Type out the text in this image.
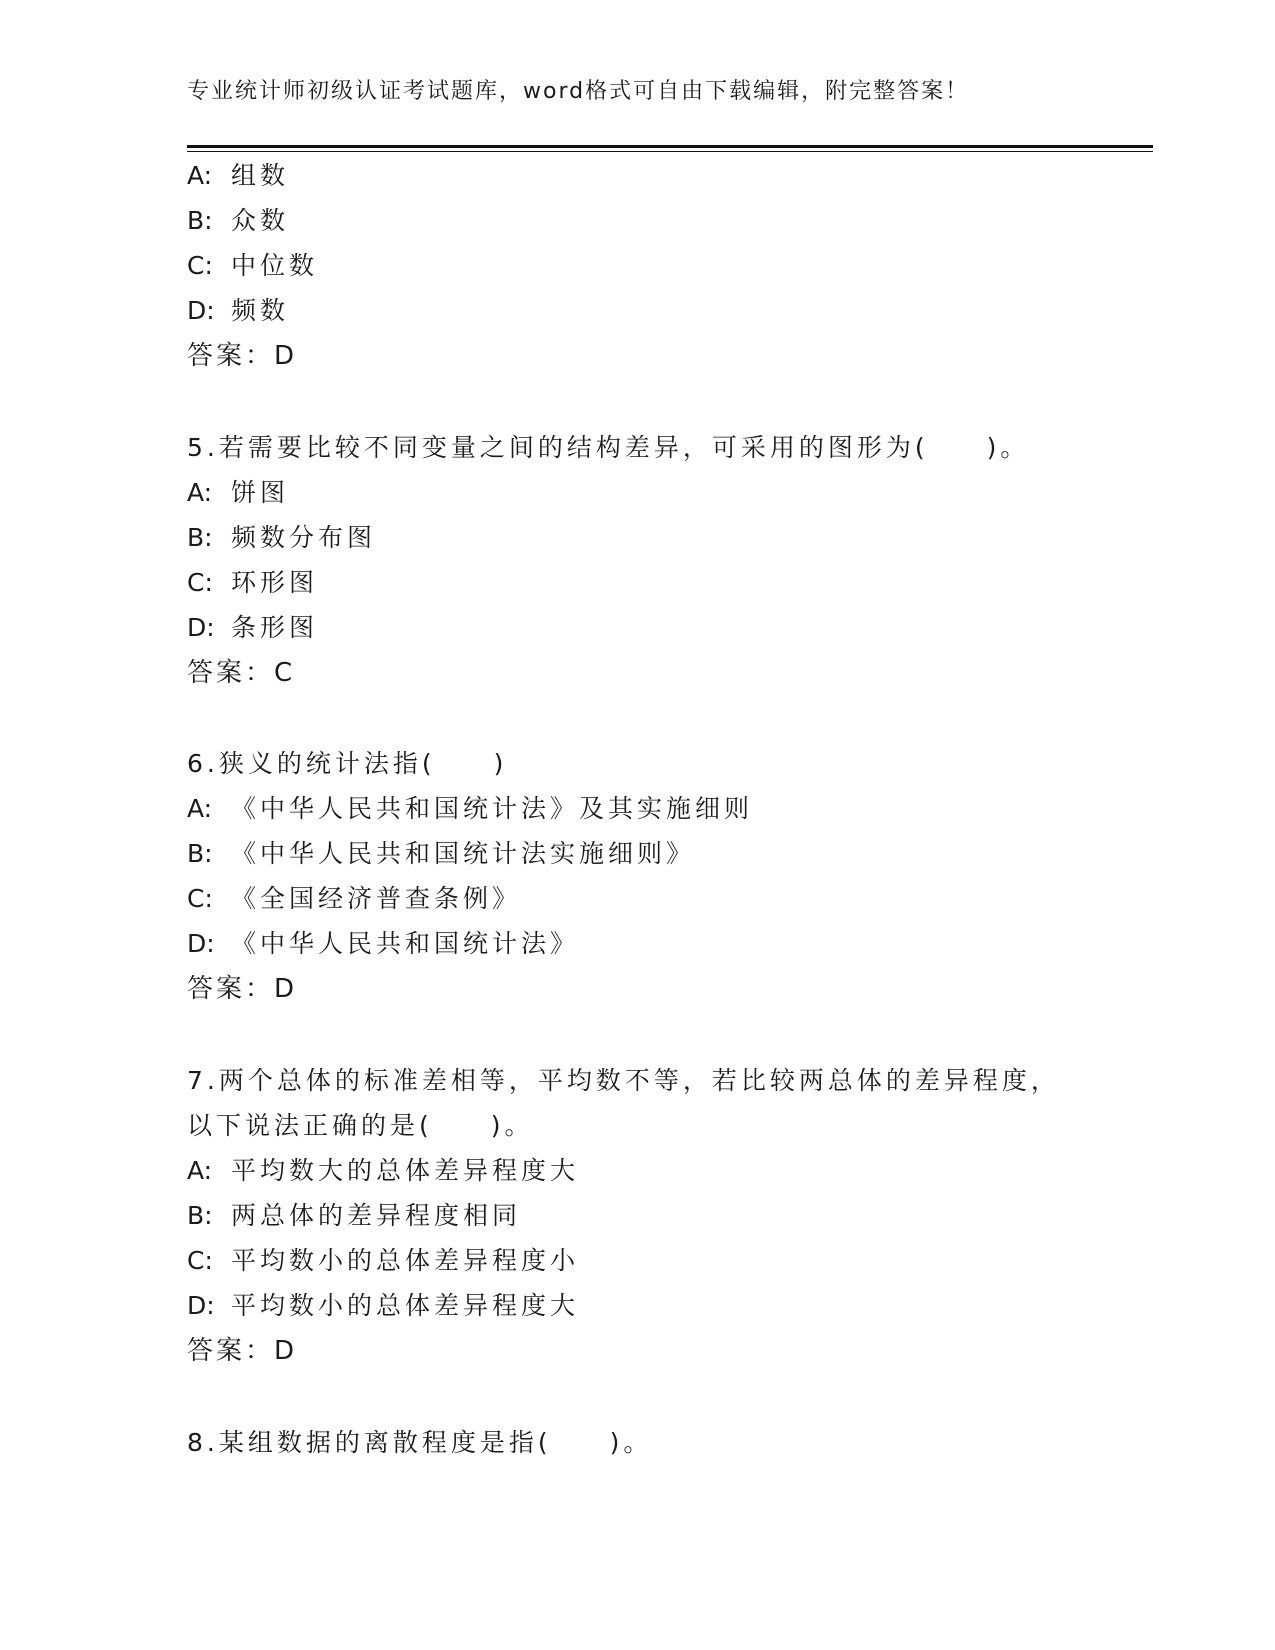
专业统计师初级认证考试题库，word格式可自由下载编辑，附完整答案！
A: 组数
B: 众数
C: 中位数
D: 频数
答案：D
5.若需要比较不同变量之间的结构差异，可采用的图形为(　　)。
A: 饼图
B: 频数分布图
C: 环形图
D: 条形图
答案：C
6.狭义的统计法指(　　)
A: 《中华人民共和国统计法》及其实施细则
B: 《中华人民共和国统计法实施细则》
C: 《全国经济普查条例》
D: 《中华人民共和国统计法》
答案：D
7.两个总体的标准差相等，平均数不等，若比较两总体的差异程度，
以下说法正确的是(　　)。
A: 平均数大的总体差异程度大
B: 两总体的差异程度相同
C: 平均数小的总体差异程度小
D: 平均数小的总体差异程度大
答案：D
8.某组数据的离散程度是指(　　)。
